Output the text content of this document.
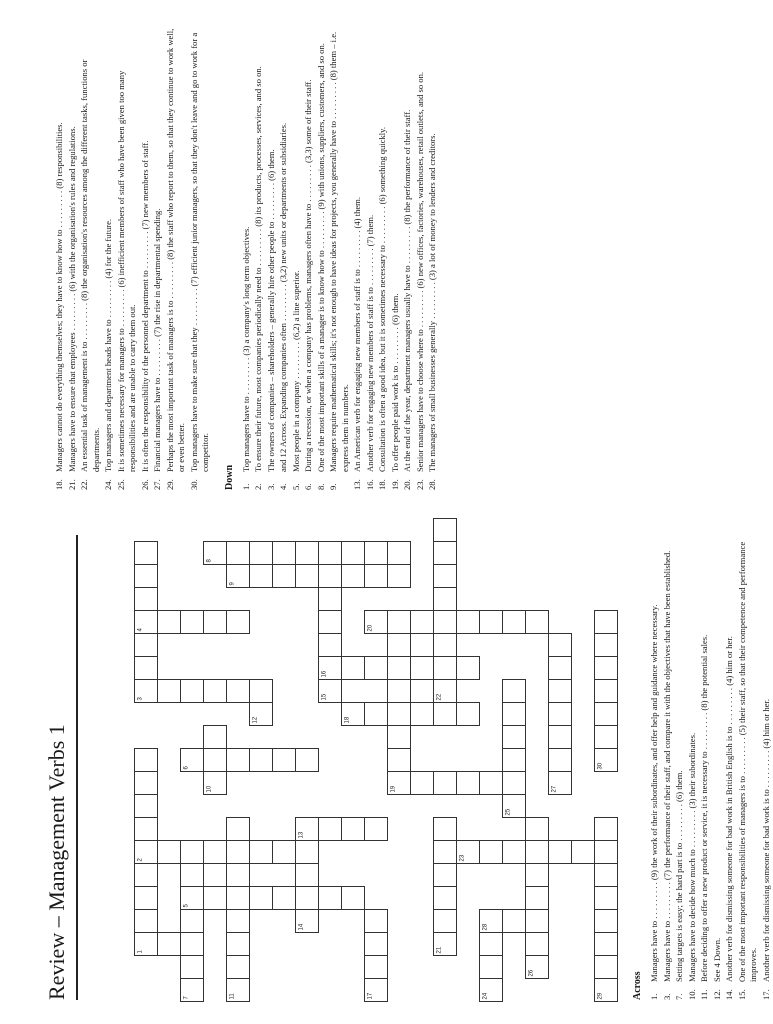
Review – Management Verbs 1	1
2
3
4
5
6
7
8
9
10
11
12
13
14
15
16
17
18
19
20
21
22
23
24
25
26
27
28
29
30
Across 1.
Managers have to . . . . . . . . . (9) the work of their subordinates, and offer help and guidance where necessary.
3.
Managers have to . . . . . . . . . (7) the performance of their staff, and compare it with the objectives that have been established.
7.
Setting targets is easy; the hard part is to . . . . . . . . . (6) them.
10.
Managers have to decide how much to . . . . . . . . . (3) their subordinates.
11.
Before deciding to offer a new product or service, it is necessary to . . . . . . . . . (8) the potential sales.
12.
See 4 Down.
14.
Another verb for dismissing someone for bad work in British English is to . . . . . . . . . (4) him or her.
15.
One of the most important responsibilities of managers is to . . . . . . . . . (5) their staff, so that their competence and performance improves.
17.
Another verb for dismissing someone for bad work is to . . . . . . . . . (4) him or her.
18.
Managers cannot do everything themselves; they have to know how to . . . . . . . . . (8) responsibilities.
21.
Managers have to ensure that employees . . . . . . . . . (6) with the organisation's rules and regulations.
22.
An essential task of management is to . . . . . . . . . (8) the organisation's resources among the different tasks, functions or departments.
24.
Top managers and department heads have to . . . . . . . . . (4) for the future.
25.
It is sometimes necessary for managers to . . . . . . . . . (6) inefficient members of staff who have been given too many responsibilities and are unable to carry them out.
26.
It is often the responsibility of the personnel department to . . . . . . . . . (7) new members of staff.
27.
Financial managers have to . . . . . . . . . (7) the rise in departmental spending.
29.
Perhaps the most important task of managers is to . . . . . . . . . (8) the staff who report to them, so that they continue to work well, or even better.
30.
Top managers have to make sure that they . . . . . . . . . (7) efficient junior managers, so that they don't leave and go to work for a competitor.
Down 1.
Top managers have to . . . . . . . . . (3) a company's long term objectives.
2.
To ensure their future, most companies periodically need to . . . . . . . . . (8) its products, processes, services, and so on.
3.
The owners of companies – shareholders – generally hire other people to . . . . . . . . . (6) them.
4.
and 12 Across. Expanding companies often . . . . . . . . . (3,2) new units or departments or subsidiaries.
5.
Most people in a company . . . . . . . . . (6,2) a line superior.
6.
During a recession, or when a company has problems, managers often have to . . . . . . . . . (3,3) some of their staff.
8.
One of the most important skills of a manager is to know how to . . . . . . . . . (9) with unions, suppliers, customers, and so on.
9.
Managers require mathematical skills; it's not enough to have ideas for projects, you generally have to . . . . . . . . . (8) them – i.e. express them in numbers.
13.
An American verb for engaging new members of staff is to . . . . . . . . . (4) them.
16.
Another verb for engaging new members of staff is to . . . . . . . . . (7) them.
18.
Consultation is often a good idea, but it is sometimes necessary to . . . . . . . . . (6) something quickly.
19.
To offer people paid work is to . . . . . . . . . (6) them.
20.
At the end of the year, department managers usually have to . . . . . . . . . (8) the performance of their staff.
23.
Senior managers have to choose where to . . . . . . . . . (6) new offices, factories, warehouses, retail outlets, and so on.
28.
The managers of small businesses generally . . . . . . . . . (3) a lot of money to lenders and creditors.
